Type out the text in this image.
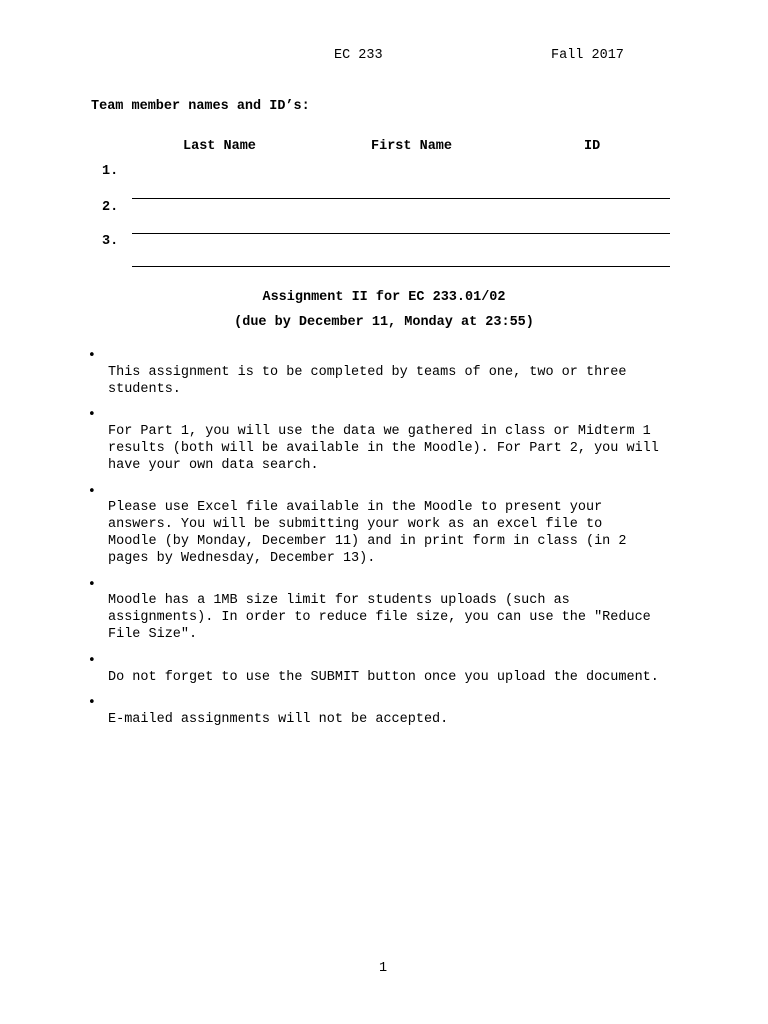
EC 233	Fall 2017
Team member names and ID’s:
Last Name	First Name	ID
1.
2.
3.
Assignment II for EC 233.01/02
(due by December 11, Monday at 23:55)

•
This assignment is to be completed by teams of one, two or three
students.

•
For Part 1, you will use the data we gathered in class or Midterm 1
results (both will be available in the Moodle). For Part 2, you will
have your own data search.

•
Please use Excel file available in the Moodle to present your
answers. You will be submitting your work as an excel file to
Moodle (by Monday, December 11) and in print form in class (in 2
pages by Wednesday, December 13).

•
Moodle has a 1MB size limit for students uploads (such as
assignments). In order to reduce file size, you can use the "Reduce
File Size".

•
Do not forget to use the SUBMIT button once you upload the document.

•
E-mailed assignments will not be accepted.

1
